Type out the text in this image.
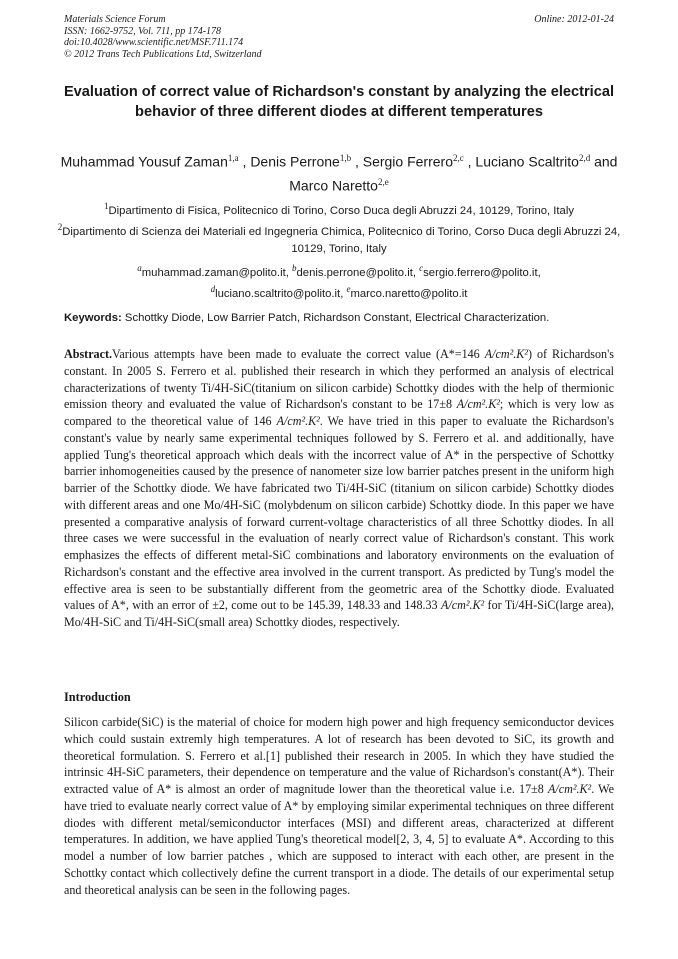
Materials Science Forum
ISSN: 1662-9752, Vol. 711, pp 174-178
doi:10.4028/www.scientific.net/MSF.711.174
© 2012 Trans Tech Publications Ltd, Switzerland
Online: 2012-01-24
Evaluation of correct value of Richardson's constant by analyzing the electrical behavior of three different diodes at different temperatures
Muhammad Yousuf Zaman$^{1,a}$ , Denis Perrone$^{1,b}$ , Sergio Ferrero$^{2,c}$ , Luciano Scaltrito$^{2,d}$ and Marco Naretto$^{2,e}$
$^1$Dipartimento di Fisica, Politecnico di Torino, Corso Duca degli Abruzzi 24, 10129, Torino, Italy
$^2$Dipartimento di Scienza dei Materiali ed Ingegneria Chimica, Politecnico di Torino, Corso Duca degli Abruzzi 24, 10129, Torino, Italy
$^a$muhammad.zaman@polito.it, $^b$denis.perrone@polito.it, $^c$sergio.ferrero@polito.it,
$^d$luciano.scaltrito@polito.it, $^e$marco.naretto@polito.it
Keywords: Schottky Diode, Low Barrier Patch, Richardson Constant, Electrical Characterization.

Abstract.Various attempts have been made to evaluate the correct value (A*=146 A/cm².K²) of Richardson's constant. In 2005 S. Ferrero et al. published their research in which they performed an analysis of electrical characterizations of twenty Ti/4H-SiC(titanium on silicon carbide) Schottky diodes with the help of thermionic emission theory and evaluated the value of Richardson's constant to be 17±8 A/cm².K²; which is very low as compared to the theoretical value of 146 A/cm².K². We have tried in this paper to evaluate the Richardson's constant's value by nearly same experimental techniques followed by S. Ferrero et al. and additionally, have applied Tung's theoretical approach which deals with the incorrect value of A* in the perspective of Schottky barrier inhomogeneities caused by the presence of nanometer size low barrier patches present in the uniform high barrier of the Schottky diode. We have fabricated two Ti/4H-SiC (titanium on silicon carbide) Schottky diodes with different areas and one Mo/4H-SiC (molybdenum on silicon carbide) Schottky diode. In this paper we have presented a comparative analysis of forward current-voltage characteristics of all three Schottky diodes. In all three cases we were successful in the evaluation of nearly correct value of Richardson's constant. This work emphasizes the effects of different metal-SiC combinations and laboratory environments on the evaluation of Richardson's constant and the effective area involved in the current transport. As predicted by Tung's model the effective area is seen to be substantially different from the geometric area of the Schottky diode. Evaluated values of A*, with an error of ±2, come out to be 145.39, 148.33 and 148.33 A/cm².K² for Ti/4H-SiC(large area), Mo/4H-SiC and Ti/4H-SiC(small area) Schottky diodes, respectively.

Introduction

Silicon carbide(SiC) is the material of choice for modern high power and high frequency semiconductor devices which could sustain extremly high temperatures. A lot of research has been devoted to SiC, its growth and theoretical formulation. S. Ferrero et al.[1] published their research in 2005. In which they have studied the intrinsic 4H-SiC parameters, their dependence on temperature and the value of Richardson's constant(A*). Their extracted value of A* is almost an order of magnitude lower than the theoretical value i.e. 17±8 A/cm².K². We have tried to evaluate nearly correct value of A* by employing similar experimental techniques on three different diodes with different metal/semiconductor interfaces (MSI) and different areas, characterized at different temperatures. In addition, we have applied Tung's theoretical model[2, 3, 4, 5] to evaluate A*. According to this model a number of low barrier patches , which are supposed to interact with each other, are present in the Schottky contact which collectively define the current transport in a diode. The details of our experimental setup and theoretical analysis can be seen in the following pages.
